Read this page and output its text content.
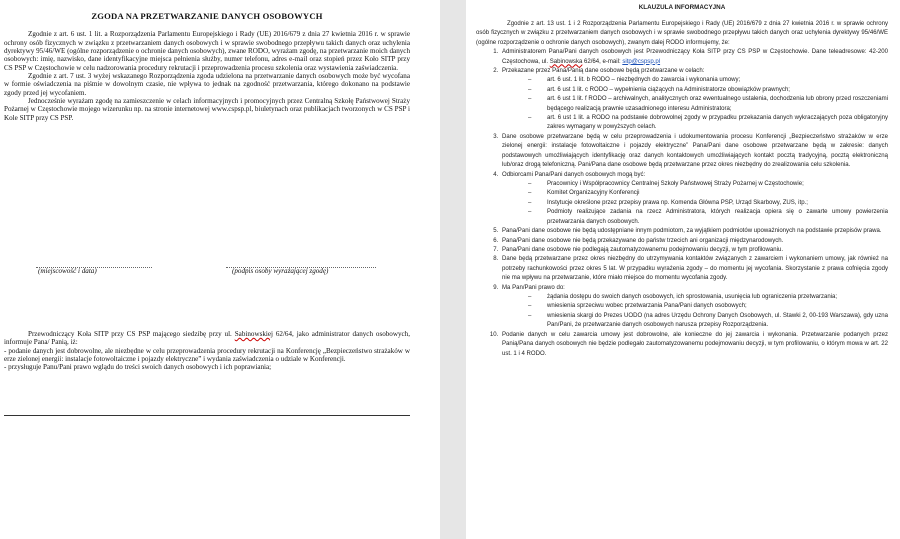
ZGODA NA PRZETWARZANIE DANYCH OSOBOWYCH

Zgodnie z art. 6 ust. 1 lit. a Rozporządzenia Parlamentu Europejskiego i Rady (UE) 2016/679 z dnia 27 kwietnia 2016 r. w sprawie ochrony osób fizycznych w związku z przetwarzaniem danych osobowych i w sprawie swobodnego przepływu takich danych oraz uchylenia dyrektywy 95/46/WE (ogólne rozporządzenie o ochronie danych osobowych), zwane RODO, wyrażam zgodę, na przetwarzanie moich danych osobowych: imię, nazwisko, dane identyfikacyjne miejsca pełnienia służby, numer telefonu, adres e-mail oraz stopień przez Koło SITP przy CS PSP w Częstochowie w celu nadzorowania procedury rekrutacji i przeprowadzenia procesu szkolenia oraz wystawienia zaświadczenia.

Zgodnie z art. 7 ust. 3 wyżej wskazanego Rozporządzenia zgoda udzielona na przetwarzanie danych osobowych może być wycofana w formie oświadczenia na piśmie w dowolnym czasie, nie wpływa to jednak na zgodność przetwarzania, którego dokonano na podstawie zgody przed jej wycofaniem.

Jednocześnie wyrażam zgodę na zamieszczenie w celach informacyjnych i promocyjnych przez Centralną Szkołę Państwowej Straży Pożarnej w Częstochowie mojego wizerunku np. na stronie internetowej www.cspsp.pl, biuletynach oraz publikacjach tworzonych w CS PSP i Kole SITP przy CS PSP.

(miejscowość i data)	(podpis osoby wyrażającej zgodę)

Przewodniczący Koła SITP przy CS PSP mającego siedzibę przy ul. Sabinowskiej 62/64, jako administrator danych osobowych, informuje Pana/ Panią, iż:

- podanie danych jest dobrowolne, ale niezbędne w celu przeprowadzenia procedury rekrutacji na Konferencję „Bezpieczeństwo strażaków w erze zielonej energii: instalacje fotowoltaiczne i pojazdy elektryczne” i wydania zaświadczenia o udziale w Konferencji.

- przysługuje Panu/Pani prawo wglądu do treści swoich danych osobowych i ich poprawiania;

KLAUZULA INFORMACYJNA

Zgodnie z art. 13 ust. 1 i 2 Rozporządzenia Parlamentu Europejskiego i Rady (UE) 2016/679 z dnia 27 kwietnia 2016 r. w sprawie ochrony osób fizycznych w związku z przetwarzaniem danych osobowych i w sprawie swobodnego przepływu takich danych oraz uchylenia dyrektywy 95/46/WE (ogólne rozporządzenie o ochronie danych osobowych), zwanym dalej RODO informujemy, że:

1. Administratorem Pana/Pani danych osobowych jest Przewodniczący Koła SITP przy CS PSP w Częstochowie. Dane teleadresowe: 42-200 Częstochowa, ul. Sabinowska 62/64, e-mail: sitp@cspsp.pl
2. Przekazane przez Pana/Panią dane osobowe będą przetwarzane w celach:
– art. 6 ust. 1 lit. b RODO – niezbędnych do zawarcia i wykonania umowy;
– art. 6 ust 1 lit. c RODO – wypełnienia ciążących na Administratorze obowiązków prawnych;
– art. 6 ust 1 lit. f RODO – archiwalnych, analitycznych oraz ewentualnego ustalenia, dochodzenia lub obrony przed roszczeniami będącego realizacją prawnie uzasadnionego interesu Administratora;
– art. 6 ust 1 lit. a RODO na podstawie dobrowolnej zgody w przypadku przekazania danych wykraczających poza obligatoryjny zakres wymagany w powyższych celach.
3. Dane osobowe przetwarzane będą w celu przeprowadzenia i udokumentowania procesu Konferencji „Bezpieczeństwo strażaków w erze zielonej energii: instalacje fotowoltaiczne i pojazdy elektryczne” Pana/Pani dane osobowe przetwarzane będą w zakresie: danych podstawowych umożliwiających identyfikację oraz danych kontaktowych umożliwiających kontakt pocztą tradycyjną, pocztą elektroniczną lub/oraz drogą telefoniczną. Pani/Pana dane osobowe będą przetwarzane przez okres niezbędny do zrealizowania celu szkolenia.
4. Odbiorcami Pana/Pani danych osobowych mogą być:
– Pracownicy i Współpracownicy Centralnej Szkoły Państwowej Straży Pożarnej w Częstochowie;
– Komitet Organizacyjny Konferencji
– Instytucje określone przez przepisy prawa np. Komenda Główna PSP, Urząd Skarbowy, ZUS, itp.;
– Podmioty realizujące zadania na rzecz Administratora, których realizacja opiera się o zawarte umowy powierzenia przetwarzania danych osobowych.
5. Pana/Pani dane osobowe nie będą udostępniane innym podmiotom, za wyjątkiem podmiotów upoważnionych na podstawie przepisów prawa.
6. Pana/Pani dane osobowe nie będą przekazywane do państw trzecich ani organizacji międzynarodowych.
7. Pana/Pani dane osobowe nie podlegają zautomatyzowanemu podejmowaniu decyzji, w tym profilowaniu.
8. Dane będą przetwarzane przez okres niezbędny do utrzymywania kontaktów związanych z zawarciem i wykonaniem umowy, jak również na potrzeby rachunkowości przez okres 5 lat. W przypadku wyrażenia zgody – do momentu jej wycofania. Skorzystanie z prawa cofnięcia zgody nie ma wpływu na przetwarzanie, które miało miejsce do momentu wycofania zgody.
9. Ma Pan/Pani prawo do:
– żądania dostępu do swoich danych osobowych, ich sprostowania, usunięcia lub ograniczenia przetwarzania;
– wniesienia sprzeciwu wobec przetwarzania Pana/Pani danych osobowych;
– wniesienia skargi do Prezes UODO (na adres Urzędu Ochrony Danych Osobowych, ul. Stawki 2, 00-193 Warszawa), gdy uzna Pan/Pani, że przetwarzanie danych osobowych narusza przepisy Rozporządzenia.
10. Podanie danych w celu zawarcia umowy jest dobrowolne, ale konieczne do jej zawarcia i wykonania. Przetwarzanie podanych przez Panią/Pana danych osobowych nie będzie podlegało zautomatyzowanemu podejmowaniu decyzji, w tym profilowaniu, o którym mowa w art. 22 ust. 1 i 4 RODO.
